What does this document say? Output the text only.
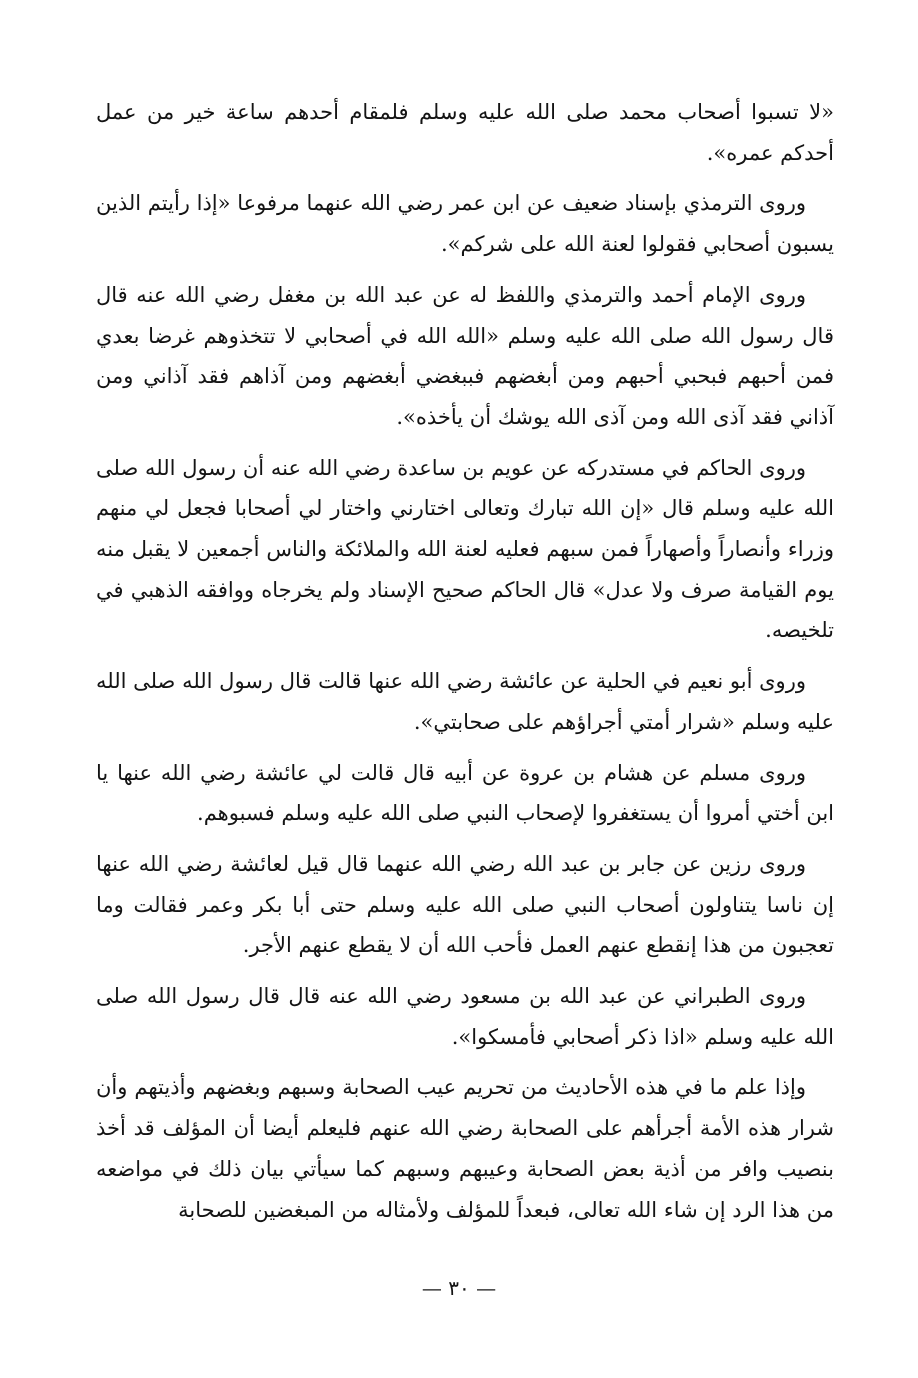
«لا تسبوا أصحاب محمد صلى الله عليه وسلم فلمقام أحدهم ساعة خير من عمل أحدكم عمره».

وروى الترمذي بإسناد ضعيف عن ابن عمر رضي الله عنهما مرفوعا «إذا رأيتم الذين يسبون أصحابي فقولوا لعنة الله على شركم».

وروى الإمام أحمد والترمذي واللفظ له عن عبد الله بن مغفل رضي الله عنه قال قال رسول الله صلى الله عليه وسلم «الله الله في أصحابي لا تتخذوهم غرضا بعدي فمن أحبهم فبحبي أحبهم ومن أبغضهم فببغضي أبغضهم ومن آذاهم فقد آذاني ومن آذاني فقد آذى الله ومن آذى الله يوشك أن يأخذه».

وروى الحاكم في مستدركه عن عويم بن ساعدة رضي الله عنه أن رسول الله صلى الله عليه وسلم قال «إن الله تبارك وتعالى اختارني واختار لي أصحابا فجعل لي منهم وزراء وأنصاراً وأصهاراً فمن سبهم فعليه لعنة الله والملائكة والناس أجمعين لا يقبل منه يوم القيامة صرف ولا عدل» قال الحاكم صحيح الإسناد ولم يخرجاه ووافقه الذهبي في تلخيصه.

وروى أبو نعيم في الحلية عن عائشة رضي الله عنها قالت قال رسول الله صلى الله عليه وسلم «شرار أمتي أجراؤهم على صحابتي».

وروى مسلم عن هشام بن عروة عن أبيه قال قالت لي عائشة رضي الله عنها يا ابن أختي أمروا أن يستغفروا لإصحاب النبي صلى الله عليه وسلم فسبوهم.

وروى رزين عن جابر بن عبد الله رضي الله عنهما قال قيل لعائشة رضي الله عنها إن ناسا يتناولون أصحاب النبي صلى الله عليه وسلم حتى أبا بكر وعمر فقالت وما تعجبون من هذا إنقطع عنهم العمل فأحب الله أن لا يقطع عنهم الأجر.

وروى الطبراني عن عبد الله بن مسعود رضي الله عنه قال قال رسول الله صلى الله عليه وسلم «اذا ذكر أصحابي فأمسكوا».

وإذا علم ما في هذه الأحاديث من تحريم عيب الصحابة وسبهم وبغضهم وأذيتهم وأن شرار هذه الأمة أجرأهم على الصحابة رضي الله عنهم فليعلم أيضا أن المؤلف قد أخذ بنصيب وافر من أذية بعض الصحابة وعيبهم وسبهم كما سيأتي بيان ذلك في مواضعه من هذا الرد إن شاء الله تعالى، فبعداً للمؤلف ولأمثاله من المبغضين للصحابة

— ٣٠ —
